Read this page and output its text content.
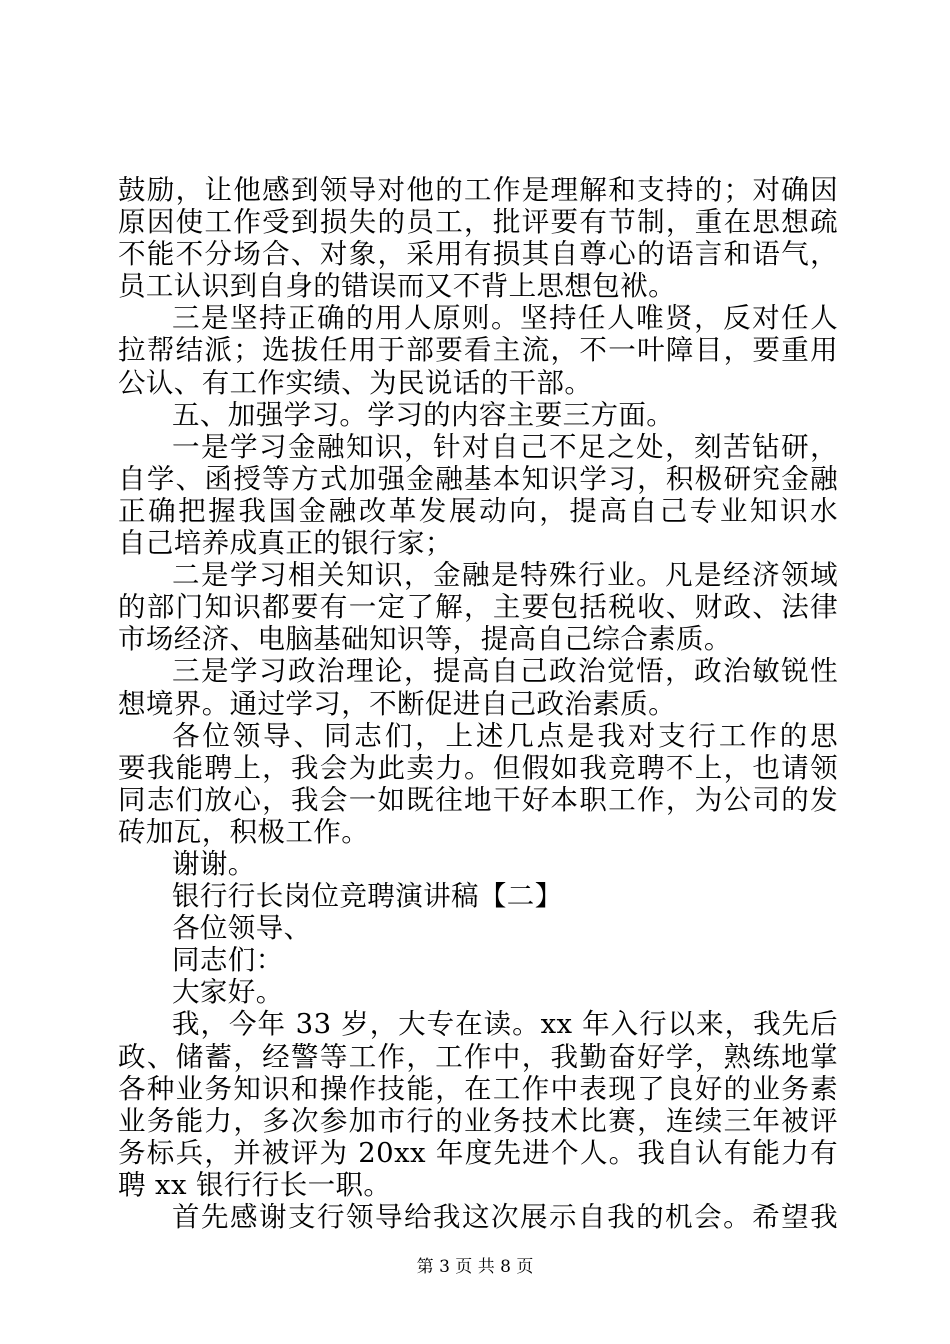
鼓励，让他感到领导对他的工作是理解和支持的；对确因
原因使工作受到损失的员工，批评要有节制，重在思想疏
不能不分场合、对象，采用有损其自尊心的语言和语气，
员工认识到自身的错误而又不背上思想包袱。
三是坚持正确的用人原则。坚持任人唯贤，反对任人
拉帮结派；选拔任用于部要看主流，不一叶障目，要重用
公认、有工作实绩、为民说话的干部。
五、加强学习。学习的内容主要三方面。
一是学习金融知识，针对自己不足之处，刻苦钻研，
自学、函授等方式加强金融基本知识学习，积极研究金融
正确把握我国金融改革发展动向，提高自己专业知识水
自己培养成真正的银行家；
二是学习相关知识，金融是特殊行业。凡是经济领域
的部门知识都要有一定了解，主要包括税收、财政、法律
市场经济、电脑基础知识等，提高自己综合素质。
三是学习政治理论，提高自己政治觉悟，政治敏锐性
想境界。通过学习，不断促进自己政治素质。
各位领导、同志们，上述几点是我对支行工作的思
要我能聘上，我会为此卖力。但假如我竞聘不上，也请领
同志们放心，我会一如既往地干好本职工作，为公司的发
砖加瓦，积极工作。
谢谢。
银行行长岗位竞聘演讲稿【二】
各位领导、
同志们：
大家好。
我，今年 33 岁，大专在读。xx 年入行以来，我先后
政、储蓄，经警等工作，工作中，我勤奋好学，熟练地掌
各种业务知识和操作技能，在工作中表现了良好的业务素
业务能力，多次参加市行的业务技术比赛，连续三年被评
务标兵，并被评为 20xx 年度先进个人。我自认有能力有
聘 xx 银行行长一职。
首先感谢支行领导给我这次展示自我的机会。希望我
第 3 页 共 8 页
